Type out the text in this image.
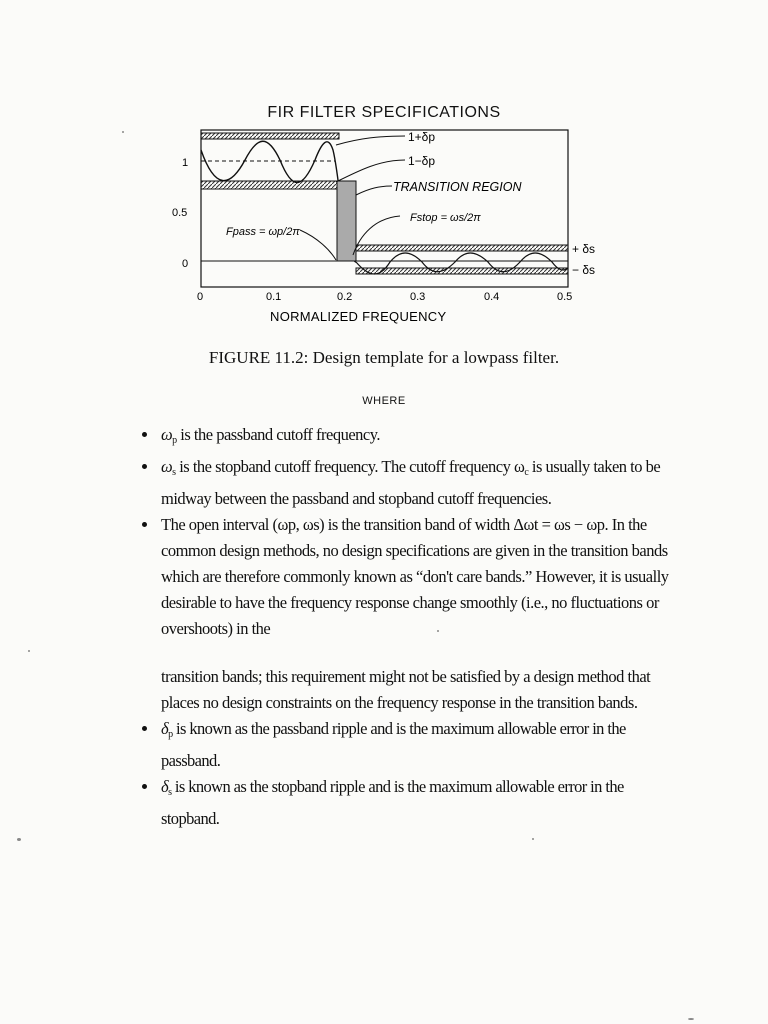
FIR FILTER SPECIFICATIONS
1
0.5
0
0	0.1	0.2	0.3	0.4	0.5
NORMALIZED FREQUENCY
1+δp
1−δp
TRANSITION REGION
Fstop = ωs/2π
Fpass = ωp/2π
+ δs
− δs
FIGURE 11.2: Design template for a lowpass filter.
WHERE
$\omega_p$ is the passband cutoff frequency.
$\omega_s$ is the stopband cutoff frequency. The cutoff frequency $\omega_c$ is usually taken to be midway between the passband and stopband cutoff frequencies.
The open interval (ωp, ωs) is the transition band of width Δωt = ωs − ωp. In the common design methods, no design specifications are given in the transition bands which are therefore commonly known as “don't care bands.” However, it is usually desirable to have the frequency response change smoothly (i.e., no fluctuations or overshoots) in the
transition bands; this requirement might not be satisfied by a design method that places no design constraints on the frequency response in the transition bands.
$\delta_p$ is known as the passband ripple and is the maximum allowable error in the passband.
$\delta_s$ is known as the stopband ripple and is the maximum allowable error in the stopband.
